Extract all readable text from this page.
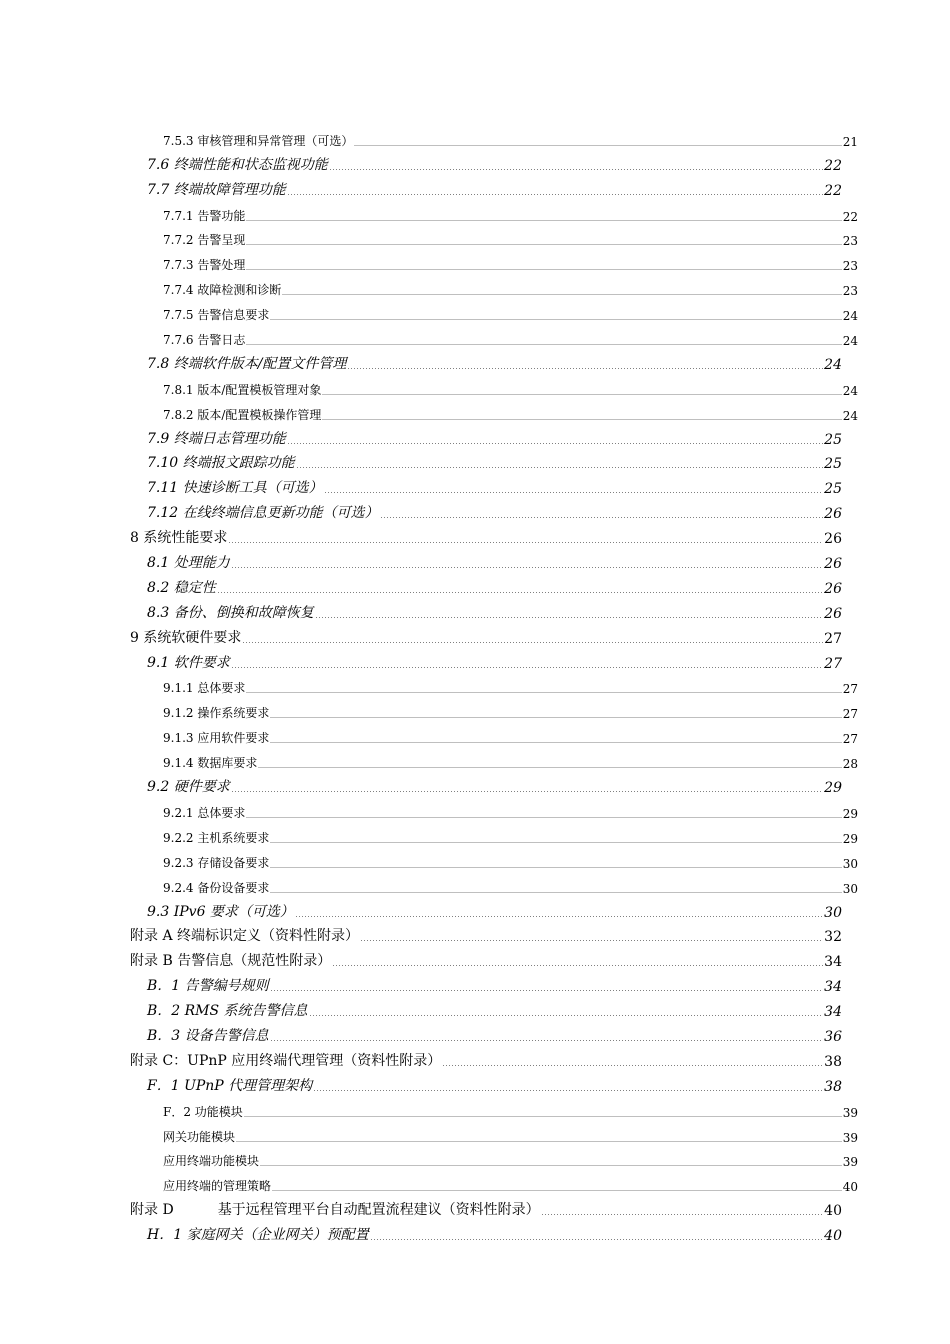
7.5.3 审核管理和异常管理（可选）	21
7.6 终端性能和状态监视功能	22
7.7 终端故障管理功能	22
7.7.1 告警功能	22
7.7.2 告警呈现	23
7.7.3 告警处理	23
7.7.4 故障检测和诊断	23
7.7.5 告警信息要求	24
7.7.6 告警日志	24
7.8 终端软件版本/配置文件管理	24
7.8.1 版本/配置模板管理对象	24
7.8.2 版本/配置模板操作管理	24
7.9 终端日志管理功能	25
7.10 终端报文跟踪功能	25
7.11 快速诊断工具（可选）	25
7.12 在线终端信息更新功能（可选）	26
8 系统性能要求	26
8.1 处理能力	26
8.2 稳定性	26
8.3 备份、倒换和故障恢复	26
9 系统软硬件要求	27
9.1 软件要求	27
9.1.1 总体要求	27
9.1.2 操作系统要求	27
9.1.3 应用软件要求	27
9.1.4 数据库要求	28
9.2 硬件要求	29
9.2.1 总体要求	29
9.2.2 主机系统要求	29
9.2.3 存储设备要求	30
9.2.4 备份设备要求	30
9.3 IPv6 要求（可选）	30
附录 A 终端标识定义（资料性附录）	32
附录 B 告警信息（规范性附录）	34
B．1 告警编号规则	34
B．2 RMS 系统告警信息	34
B．3 设备告警信息	36
附录 C：UPnP 应用终端代理管理（资料性附录）	38
F．1 UPnP 代理管理架构	38
F．2 功能模块	39
网关功能模块	39
应用终端功能模块	39
应用终端的管理策略	40
附录 D	基于远程管理平台自动配置流程建议（资料性附录）	40
H．1 家庭网关（企业网关）预配置	40
